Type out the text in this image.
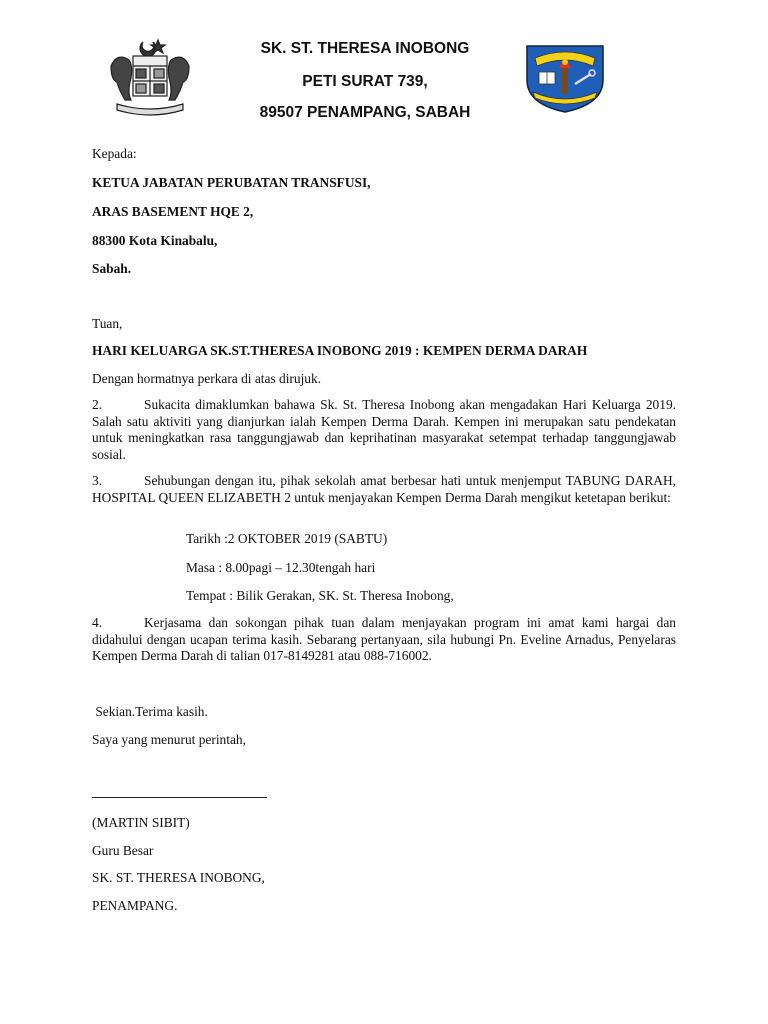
SK. ST. THERESA INOBONG
PETI SURAT 739,
89507 PENAMPANG, SABAH
Kepada:
KETUA JABATAN PERUBATAN TRANSFUSI,
ARAS BASEMENT HQE 2,
88300 Kota Kinabalu,
Sabah.
Tuan,
HARI KELUARGA SK.ST.THERESA INOBONG 2019 : KEMPEN DERMA DARAH
Dengan hormatnya perkara di atas dirujuk.
2.	Sukacita dimaklumkan bahawa Sk. St. Theresa Inobong akan mengadakan Hari Keluarga 2019. Salah satu aktiviti yang dianjurkan ialah Kempen Derma Darah. Kempen ini merupakan satu pendekatan untuk meningkatkan rasa tanggungjawab dan keprihatinan masyarakat setempat terhadap tanggungjawab sosial.
3.	Sehubungan dengan itu, pihak sekolah amat berbesar hati untuk menjemput TABUNG DARAH, HOSPITAL QUEEN ELIZABETH 2 untuk menjayakan Kempen Derma Darah mengikut ketetapan berikut:
Tarikh :2 OKTOBER 2019 (SABTU)
Masa : 8.00pagi – 12.30tengah hari
Tempat : Bilik Gerakan, SK. St. Theresa Inobong,
4.	Kerjasama dan sokongan pihak tuan dalam menjayakan program ini amat kami hargai dan didahului dengan ucapan terima kasih. Sebarang pertanyaan, sila hubungi Pn. Eveline Arnadus, Penyelaras Kempen Derma Darah di talian 017-8149281 atau 088-716002.
Sekian.Terima kasih.
Saya yang menurut perintah,
(MARTIN SIBIT)
Guru Besar
SK. ST. THERESA INOBONG,
PENAMPANG.
